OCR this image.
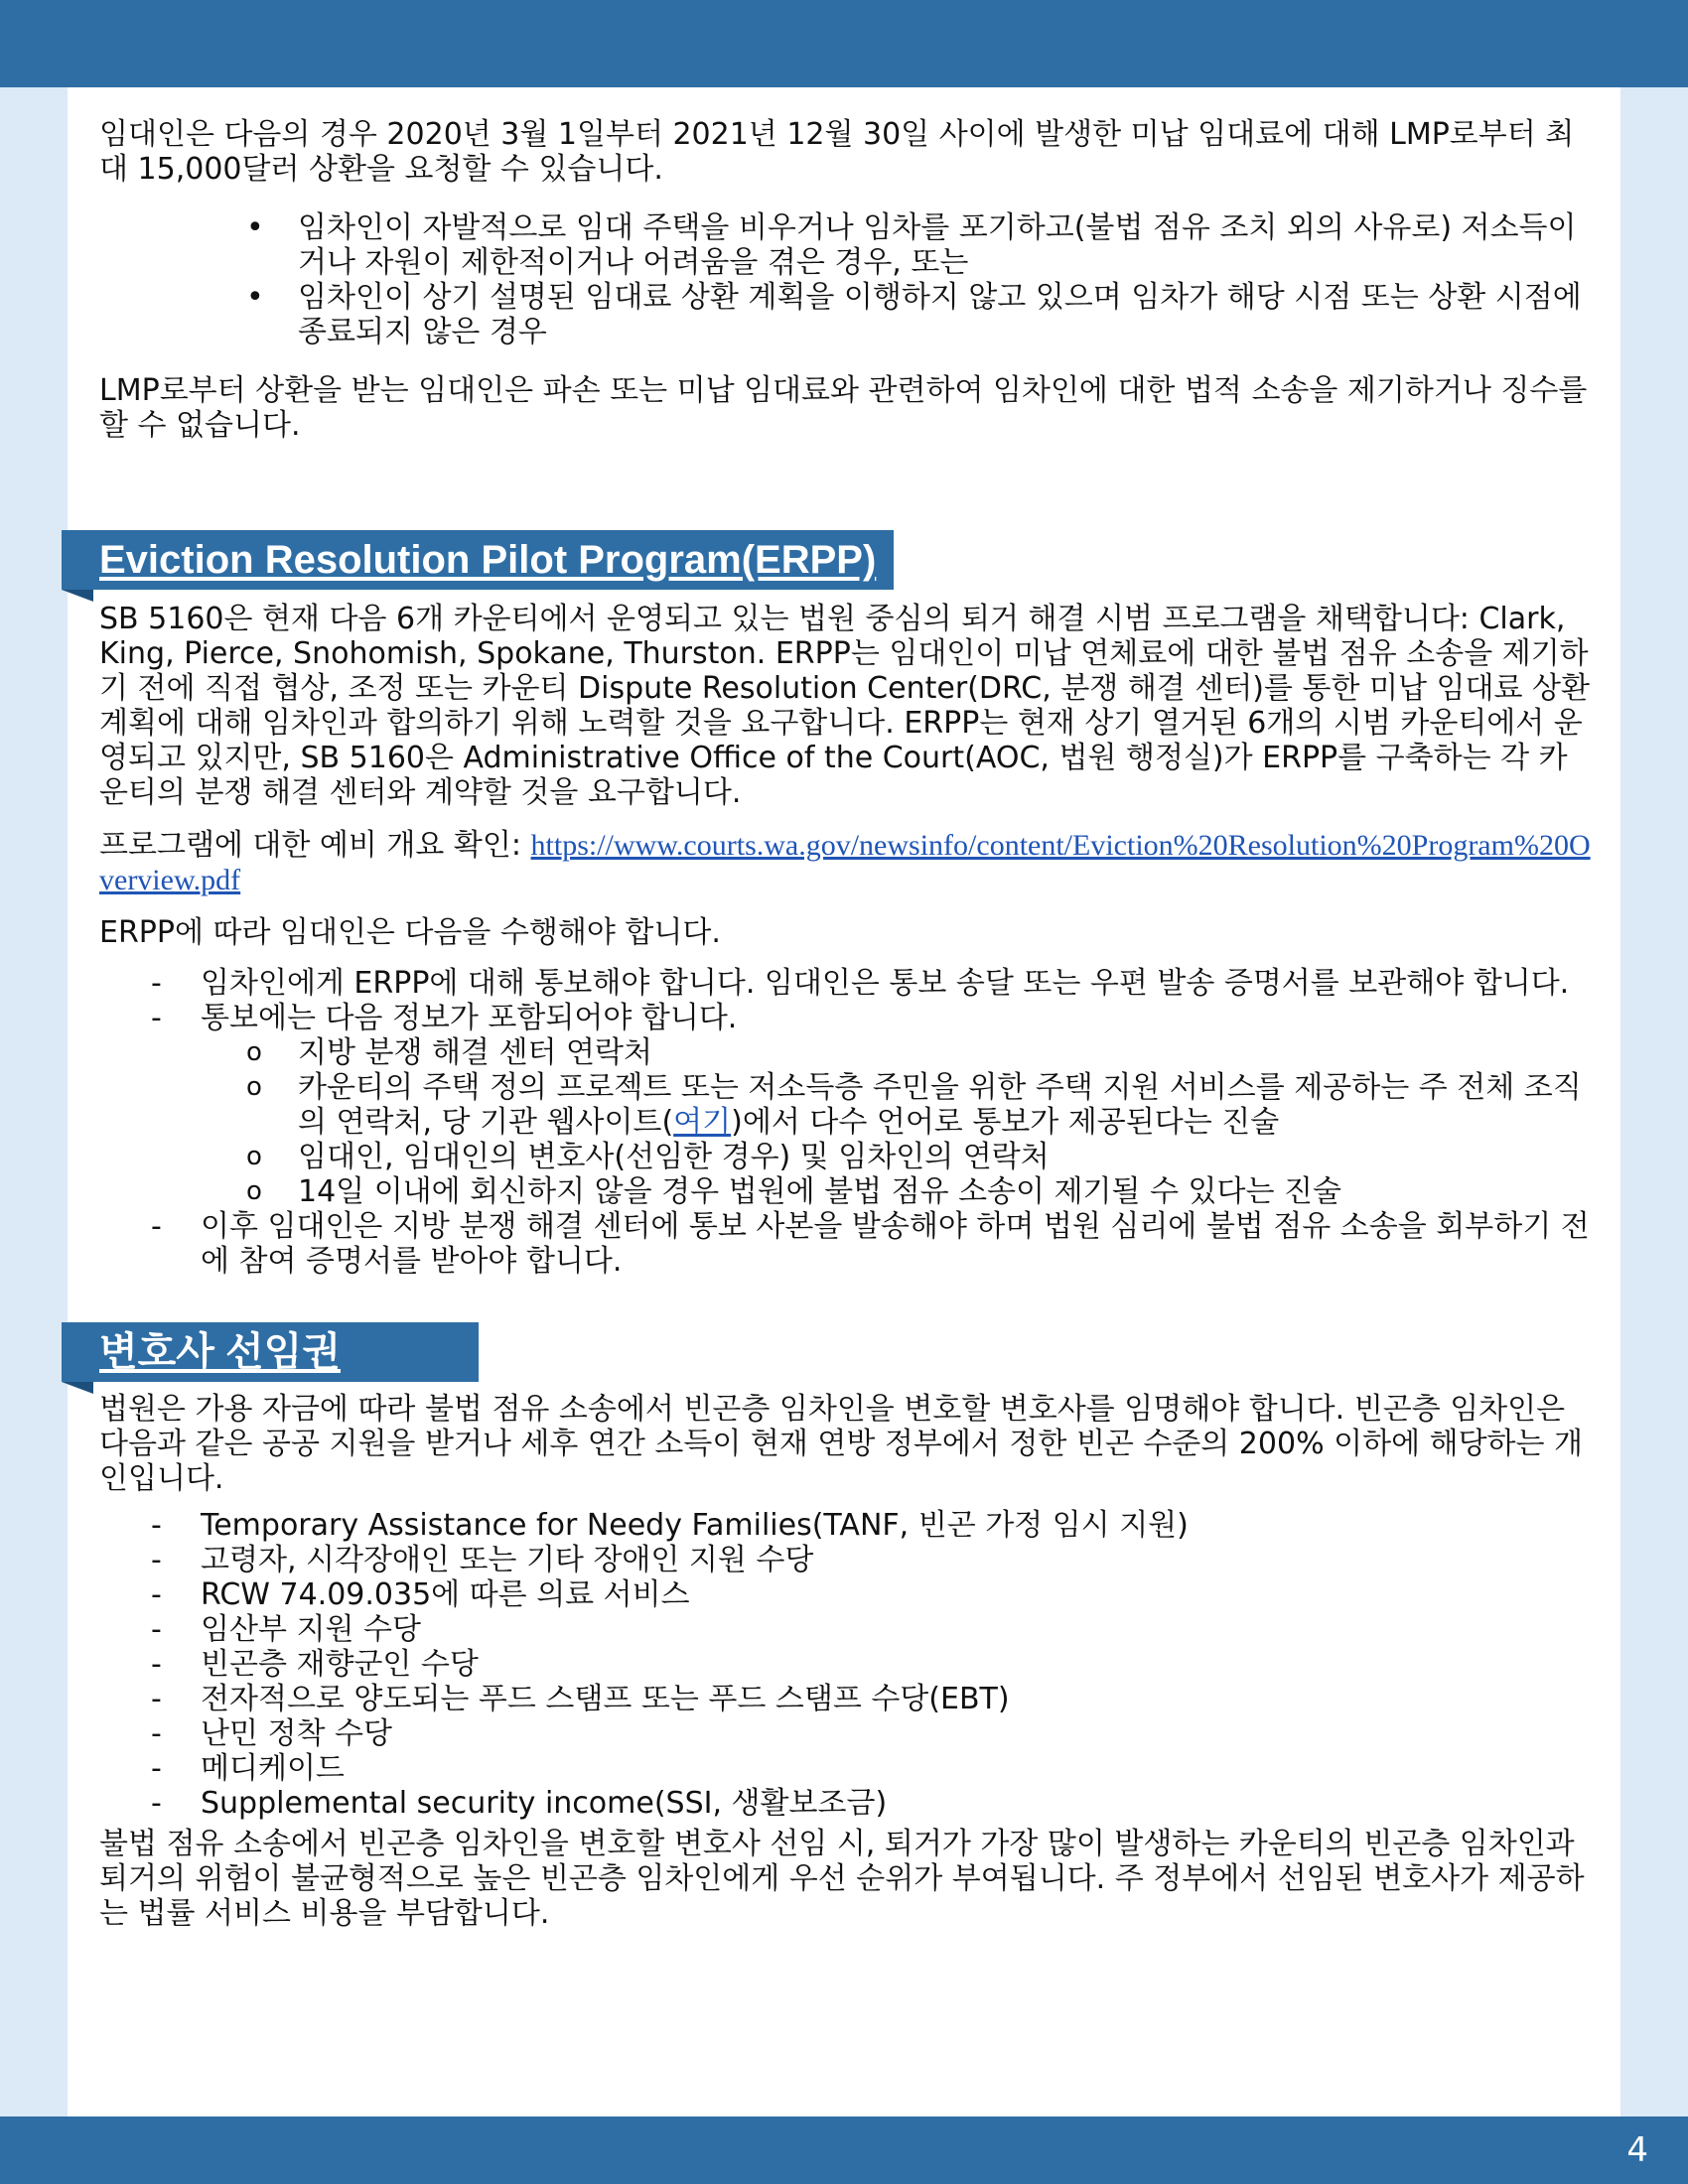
임대인은 다음의 경우 2020년 3월 1일부터 2021년 12월 30일 사이에 발생한 미납 임대료에 대해 LMP로부터 최대 15,000달러 상환을 요청할 수 있습니다.

• 임차인이 자발적으로 임대 주택을 비우거나 임차를 포기하고(불법 점유 조치 외의 사유로) 저소득이거나 자원이 제한적이거나 어려움을 겪은 경우, 또는
• 임차인이 상기 설명된 임대료 상환 계획을 이행하지 않고 있으며 임차가 해당 시점 또는 상환 시점에 종료되지 않은 경우

LMP로부터 상환을 받는 임대인은 파손 또는 미납 임대료와 관련하여 임차인에 대한 법적 소송을 제기하거나 징수를 할 수 없습니다.

Eviction Resolution Pilot Program(ERPP)

SB 5160은 현재 다음 6개 카운티에서 운영되고 있는 법원 중심의 퇴거 해결 시범 프로그램을 채택합니다: Clark, King, Pierce, Snohomish, Spokane, Thurston. ERPP는 임대인이 미납 연체료에 대한 불법 점유 소송을 제기하기 전에 직접 협상, 조정 또는 카운티 Dispute Resolution Center(DRC, 분쟁 해결 센터)를 통한 미납 임대료 상환 계획에 대해 임차인과 합의하기 위해 노력할 것을 요구합니다. ERPP는 현재 상기 열거된 6개의 시범 카운티에서 운영되고 있지만, SB 5160은 Administrative Office of the Court(AOC, 법원 행정실)가 ERPP를 구축하는 각 카운티의 분쟁 해결 센터와 계약할 것을 요구합니다.

프로그램에 대한 예비 개요 확인: https://www.courts.wa.gov/newsinfo/content/Eviction%20Resolution%20Program%20Overview.pdf

ERPP에 따라 임대인은 다음을 수행해야 합니다.

- 임차인에게 ERPP에 대해 통보해야 합니다. 임대인은 통보 송달 또는 우편 발송 증명서를 보관해야 합니다.
- 통보에는 다음 정보가 포함되어야 합니다.
o 지방 분쟁 해결 센터 연락처
o 카운티의 주택 정의 프로젝트 또는 저소득층 주민을 위한 주택 지원 서비스를 제공하는 주 전체 조직의 연락처, 당 기관 웹사이트(여기)에서 다수 언어로 통보가 제공된다는 진술
o 임대인, 임대인의 변호사(선임한 경우) 및 임차인의 연락처
o 14일 이내에 회신하지 않을 경우 법원에 불법 점유 소송이 제기될 수 있다는 진술
- 이후 임대인은 지방 분쟁 해결 센터에 통보 사본을 발송해야 하며 법원 심리에 불법 점유 소송을 회부하기 전에 참여 증명서를 받아야 합니다.
변호사 선임권

법원은 가용 자금에 따라 불법 점유 소송에서 빈곤층 임차인을 변호할 변호사를 임명해야 합니다. 빈곤층 임차인은 다음과 같은 공공 지원을 받거나 세후 연간 소득이 현재 연방 정부에서 정한 빈곤 수준의 200% 이하에 해당하는 개인입니다.

- Temporary Assistance for Needy Families(TANF, 빈곤 가정 임시 지원)
- 고령자, 시각장애인 또는 기타 장애인 지원 수당
- RCW 74.09.035에 따른 의료 서비스
- 임산부 지원 수당
- 빈곤층 재향군인 수당
- 전자적으로 양도되는 푸드 스탬프 또는 푸드 스탬프 수당(EBT)
- 난민 정착 수당
- 메디케이드
- Supplemental security income(SSI, 생활보조금)

불법 점유 소송에서 빈곤층 임차인을 변호할 변호사 선임 시, 퇴거가 가장 많이 발생하는 카운티의 빈곤층 임차인과 퇴거의 위험이 불균형적으로 높은 빈곤층 임차인에게 우선 순위가 부여됩니다. 주 정부에서 선임된 변호사가 제공하는 법률 서비스 비용을 부담합니다.

4
